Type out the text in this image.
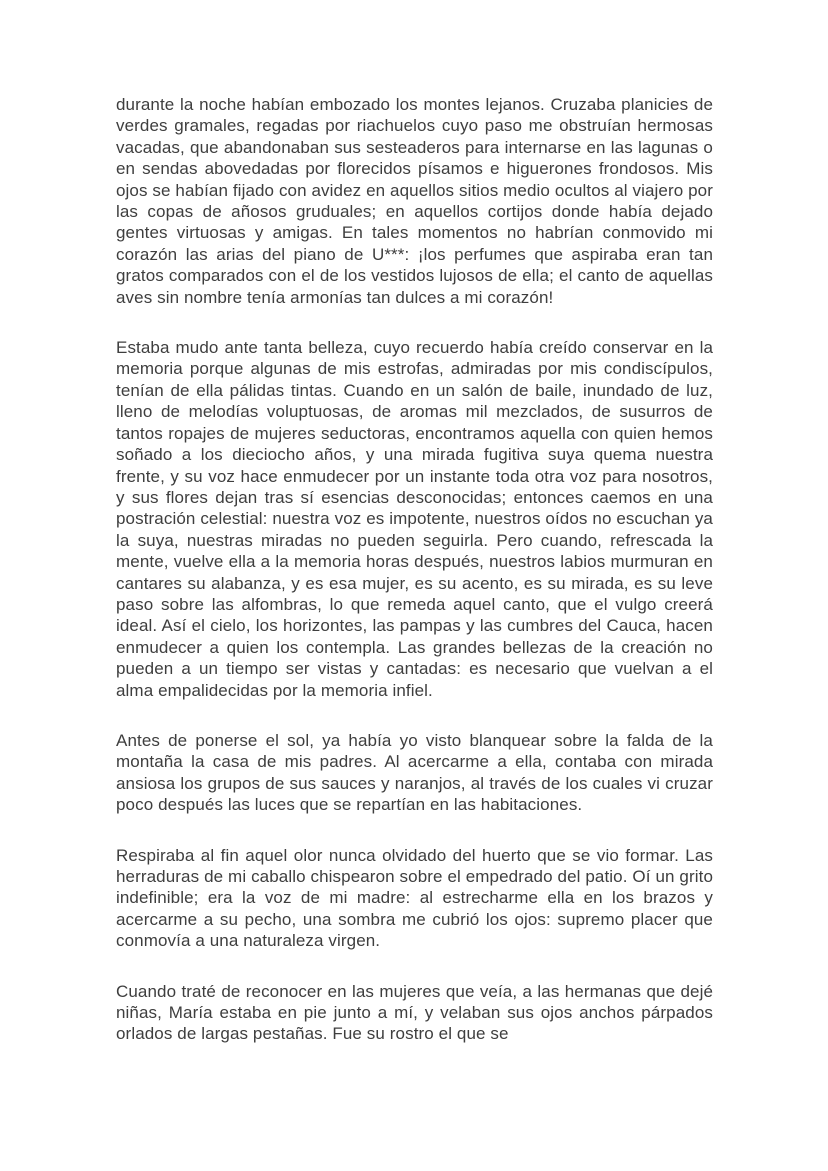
durante la noche habían embozado los montes lejanos. Cruzaba planicies de verdes gramales, regadas por riachuelos cuyo paso me obstruían hermosas vacadas, que abandonaban sus sesteaderos para internarse en las lagunas o en sendas abovedadas por florecidos písamos e higuerones frondosos. Mis ojos se habían fijado con avidez en aquellos sitios medio ocultos al viajero por las copas de añosos gruduales; en aquellos cortijos donde había dejado gentes virtuosas y amigas. En tales momentos no habrían conmovido mi corazón las arias del piano de U***: ¡los perfumes que aspiraba eran tan gratos comparados con el de los vestidos lujosos de ella; el canto de aquellas aves sin nombre tenía armonías tan dulces a mi corazón!

Estaba mudo ante tanta belleza, cuyo recuerdo había creído conservar en la memoria porque algunas de mis estrofas, admiradas por mis condiscípulos, tenían de ella pálidas tintas. Cuando en un salón de baile, inundado de luz, lleno de melodías voluptuosas, de aromas mil mezclados, de susurros de tantos ropajes de mujeres seductoras, encontramos aquella con quien hemos soñado a los dieciocho años, y una mirada fugitiva suya quema nuestra frente, y su voz hace enmudecer por un instante toda otra voz para nosotros, y sus flores dejan tras sí esencias desconocidas; entonces caemos en una postración celestial: nuestra voz es impotente, nuestros oídos no escuchan ya la suya, nuestras miradas no pueden seguirla. Pero cuando, refrescada la mente, vuelve ella a la memoria horas después, nuestros labios murmuran en cantares su alabanza, y es esa mujer, es su acento, es su mirada, es su leve paso sobre las alfombras, lo que remeda aquel canto, que el vulgo creerá ideal. Así el cielo, los horizontes, las pampas y las cumbres del Cauca, hacen enmudecer a quien los contempla. Las grandes bellezas de la creación no pueden a un tiempo ser vistas y cantadas: es necesario que vuelvan a el alma empalidecidas por la memoria infiel.

Antes de ponerse el sol, ya había yo visto blanquear sobre la falda de la montaña la casa de mis padres. Al acercarme a ella, contaba con mirada ansiosa los grupos de sus sauces y naranjos, al través de los cuales vi cruzar poco después las luces que se repartían en las habitaciones.

Respiraba al fin aquel olor nunca olvidado del huerto que se vio formar. Las herraduras de mi caballo chispearon sobre el empedrado del patio. Oí un grito indefinible; era la voz de mi madre: al estrecharme ella en los brazos y acercarme a su pecho, una sombra me cubrió los ojos: supremo placer que conmovía a una naturaleza virgen.

Cuando traté de reconocer en las mujeres que veía, a las hermanas que dejé niñas, María estaba en pie junto a mí, y velaban sus ojos anchos párpados orlados de largas pestañas. Fue su rostro el que se
